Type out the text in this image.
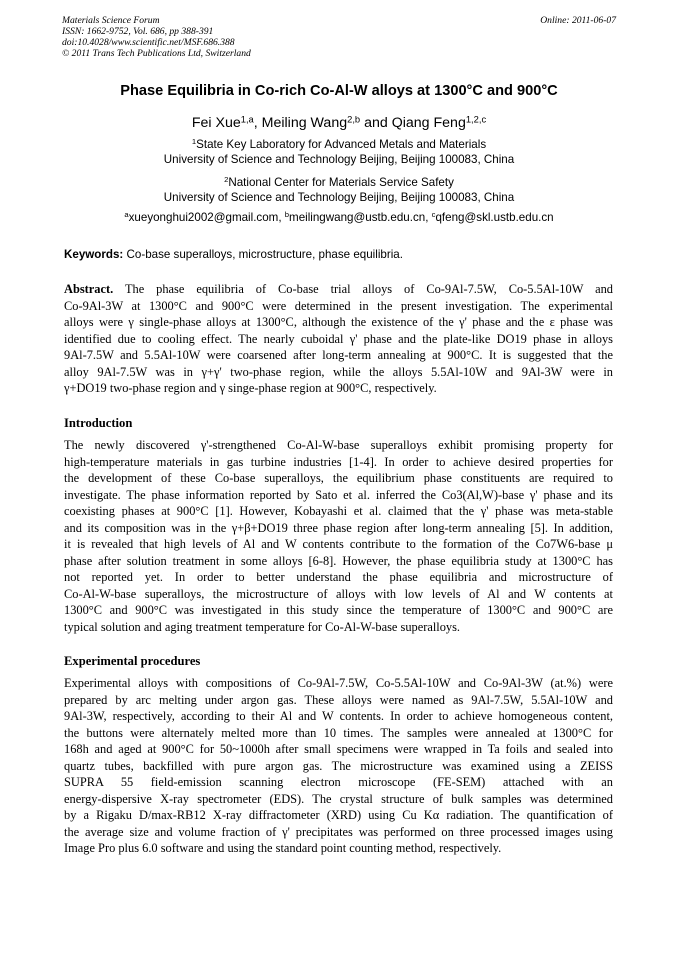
Materials Science Forum
ISSN: 1662-9752, Vol. 686, pp 388-391
doi:10.4028/www.scientific.net/MSF.686.388
© 2011 Trans Tech Publications Ltd, Switzerland
Online: 2011-06-07
Phase Equilibria in Co-rich Co-Al-W alloys at 1300°C and 900°C
Fei Xue$^{1,a}$, Meiling Wang$^{2,b}$ and Qiang Feng$^{1,2,c}$
$^1$State Key Laboratory for Advanced Metals and Materials
University of Science and Technology Beijing, Beijing 100083, China
$^2$National Center for Materials Service Safety
University of Science and Technology Beijing, Beijing 100083, China
$^a$xueyonghui2002@gmail.com, $^b$meilingwang@ustb.edu.cn, $^c$qfeng@skl.ustb.edu.cn
Keywords: Co-base superalloys, microstructure, phase equilibria.
Abstract. The phase equilibria of Co-base trial alloys of Co-9Al-7.5W, Co-5.5Al-10W and
Co-9Al-3W at 1300°C and 900°C were determined in the present investigation. The experimental
alloys were γ single-phase alloys at 1300°C, although the existence of the γ' phase and the ε phase was
identified due to cooling effect. The nearly cuboidal γ' phase and the plate-like DO19 phase in alloys
9Al-7.5W and 5.5Al-10W were coarsened after long-term annealing at 900°C. It is suggested that the
alloy 9Al-7.5W was in γ+γ' two-phase region, while the alloys 5.5Al-10W and 9Al-3W were in
γ+DO19 two-phase region and γ singe-phase region at 900°C, respectively.
Introduction
The newly discovered γ'-strengthened Co-Al-W-base superalloys exhibit promising property for
high-temperature materials in gas turbine industries [1-4]. In order to achieve desired properties for
the development of these Co-base superalloys, the equilibrium phase constituents are required to
investigate. The phase information reported by Sato et al. inferred the Co3(Al,W)-base γ' phase and its
coexisting phases at 900°C [1]. However, Kobayashi et al. claimed that the γ' phase was meta-stable
and its composition was in the γ+β+DO19 three phase region after long-term annealing [5]. In addition,
it is revealed that high levels of Al and W contents contribute to the formation of the Co7W6-base μ
phase after solution treatment in some alloys [6-8]. However, the phase equilibria study at 1300°C has
not reported yet. In order to better understand the phase equilibria and microstructure of
Co-Al-W-base superalloys, the microstructure of alloys with low levels of Al and W contents at
1300°C and 900°C was investigated in this study since the temperature of 1300°C and 900°C are
typical solution and aging treatment temperature for Co-Al-W-base superalloys.
Experimental procedures
Experimental alloys with compositions of Co-9Al-7.5W, Co-5.5Al-10W and Co-9Al-3W (at.%) were
prepared by arc melting under argon gas. These alloys were named as 9Al-7.5W, 5.5Al-10W and
9Al-3W, respectively, according to their Al and W contents. In order to achieve homogeneous content,
the buttons were alternately melted more than 10 times. The samples were annealed at 1300°C for
168h and aged at 900°C for 50~1000h after small specimens were wrapped in Ta foils and sealed into
quartz tubes, backfilled with pure argon gas. The microstructure was examined using a ZEISS
SUPRA 55 field-emission scanning electron microscope (FE-SEM) attached with an
energy-dispersive X-ray spectrometer (EDS). The crystal structure of bulk samples was determined
by a Rigaku D/max-RB12 X-ray diffractometer (XRD) using Cu Kα radiation. The quantification of
the average size and volume fraction of γ' precipitates was performed on three processed images using
Image Pro plus 6.0 software and using the standard point counting method, respectively.
